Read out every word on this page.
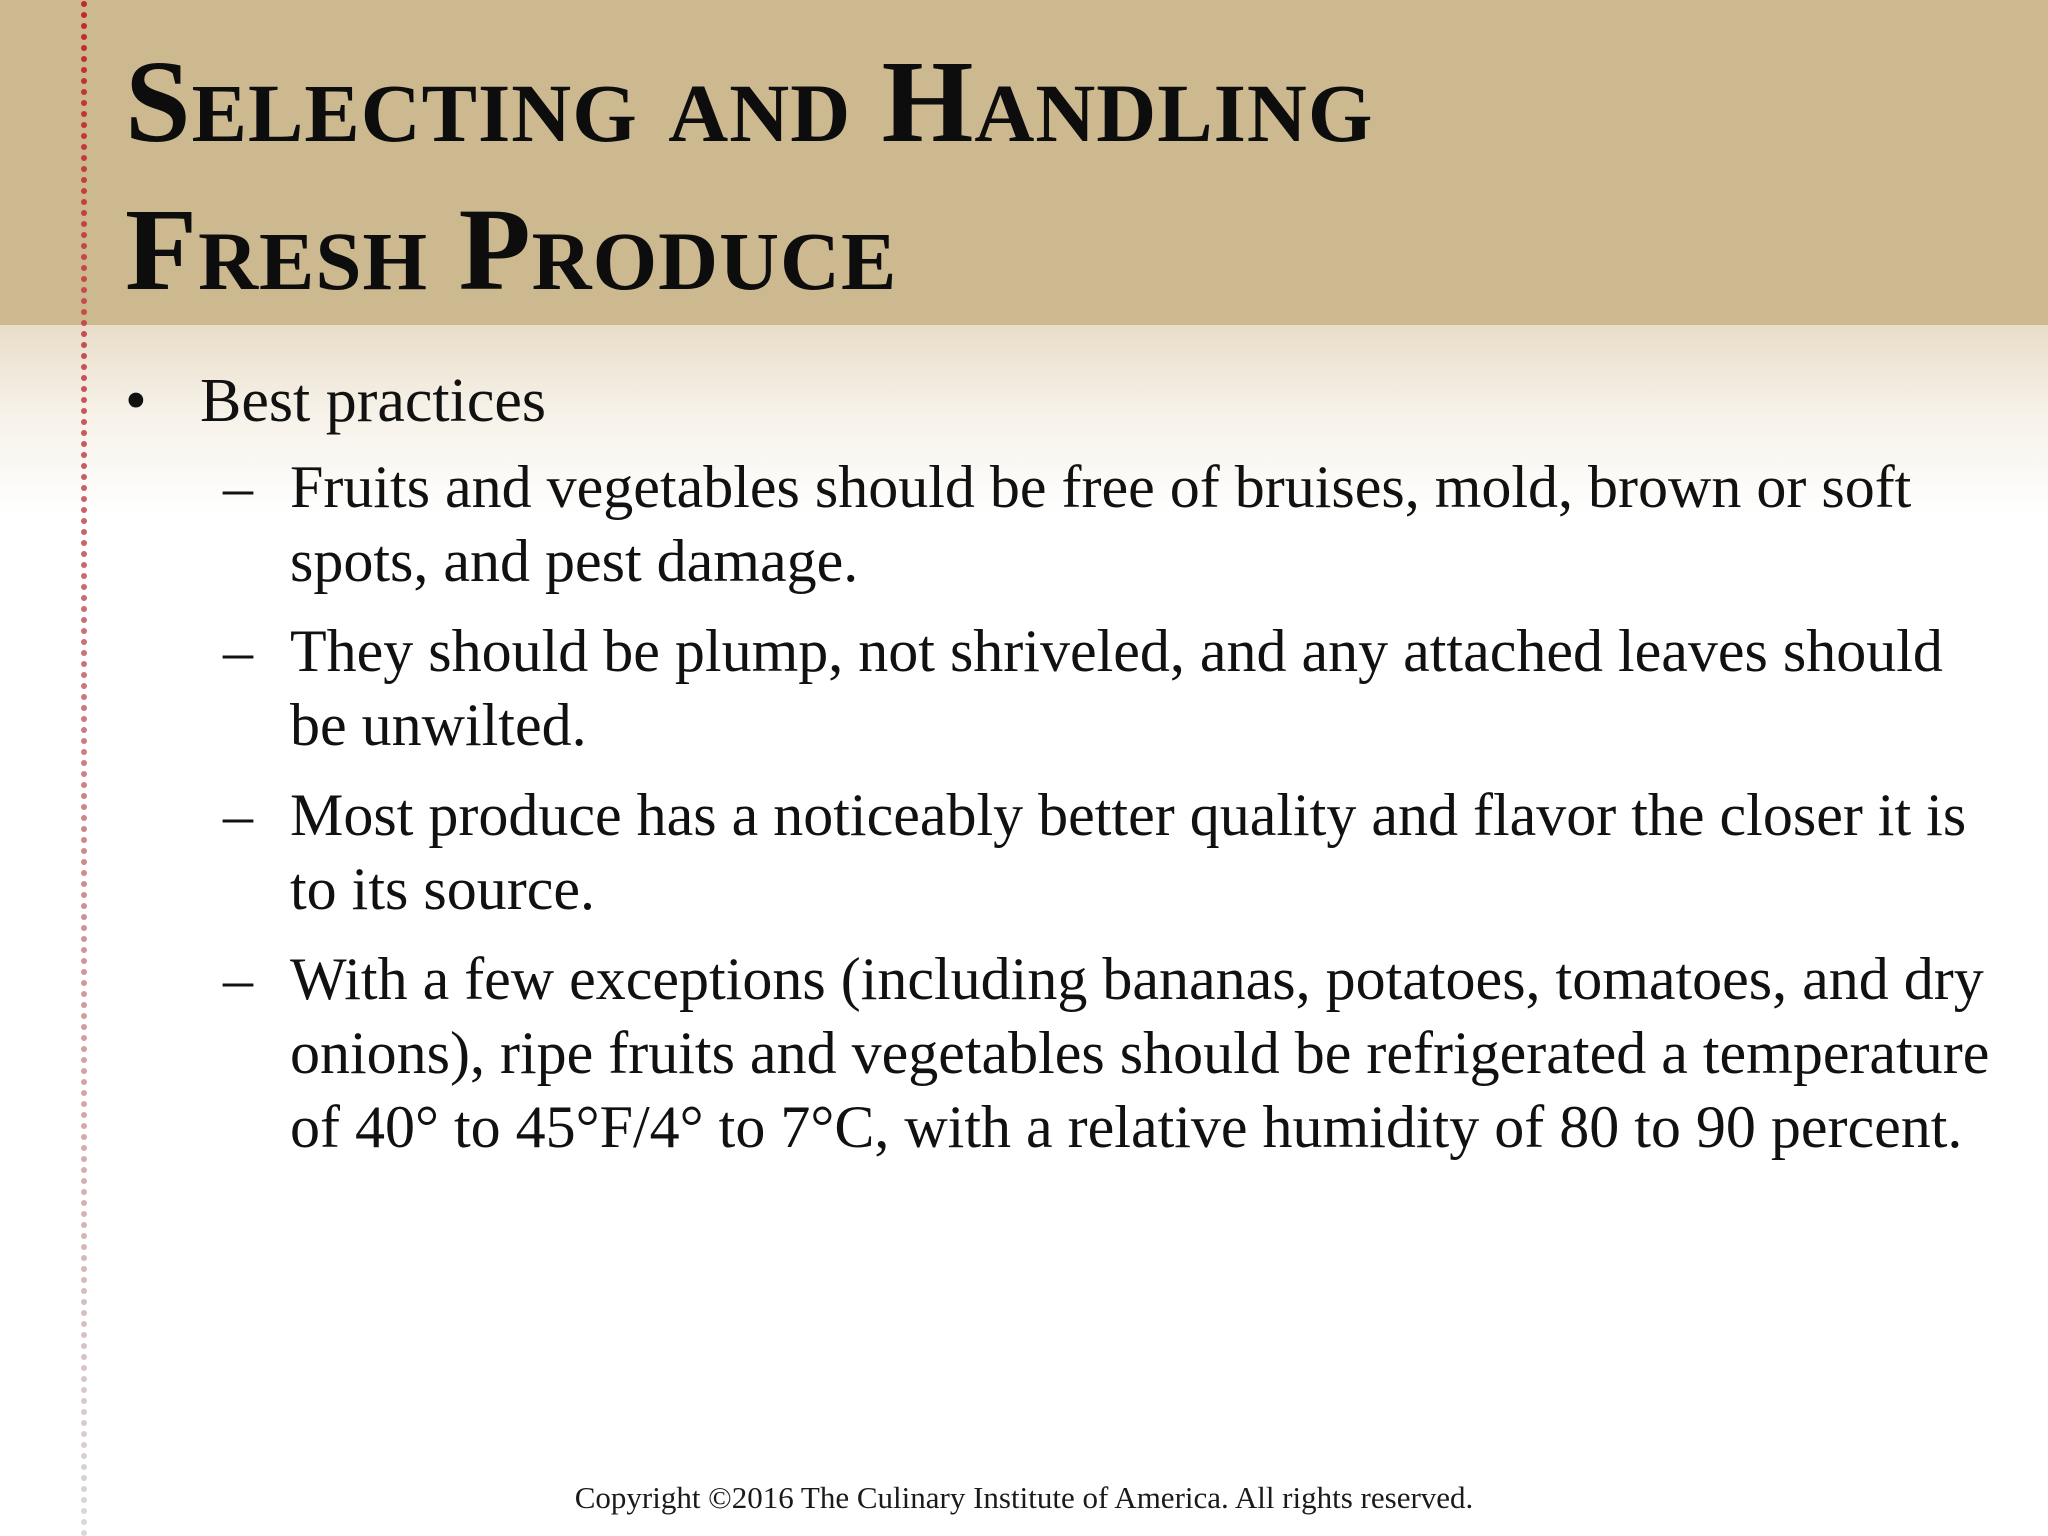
Selecting and Handling
Fresh Produce
• Best practices
– Fruits and vegetables should be free of bruises, mold, brown or soft spots, and pest damage.
– They should be plump, not shriveled, and any attached leaves should be unwilted.
– Most produce has a noticeably better quality and flavor the closer it is to its source.
– With a few exceptions (including bananas, potatoes, tomatoes, and dry onions), ripe fruits and vegetables should be refrigerated a temperature of 40° to 45°F/4° to 7°C, with a relative humidity of 80 to 90 percent.
Copyright ©2016 The Culinary Institute of America. All rights reserved.
